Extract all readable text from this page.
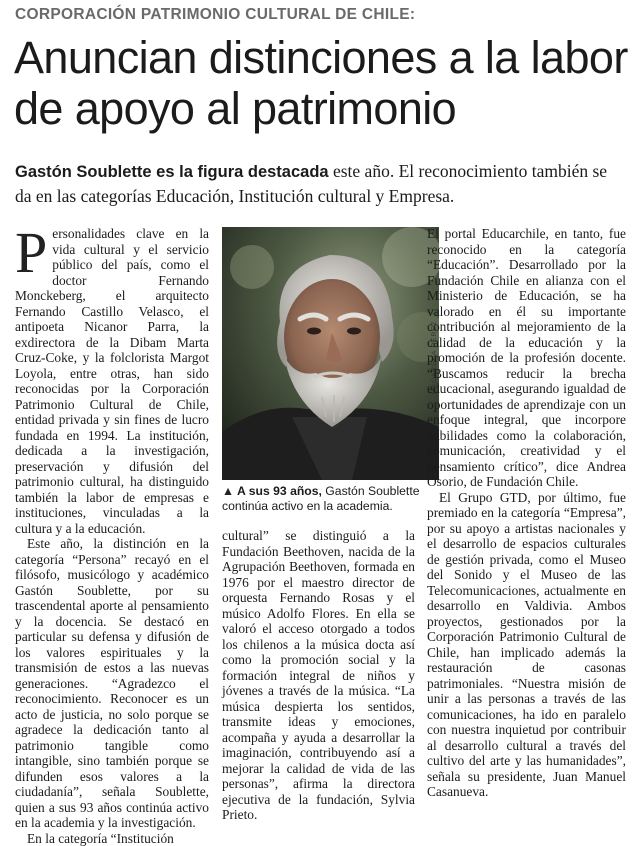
CORPORACIÓN PATRIMONIO CULTURAL DE CHILE:
Anuncian distinciones a la labor de apoyo al patrimonio
Gastón Soublette es la figura destacada este año. El reconocimiento también se da en las categorías Educación, Institución cultural y Empresa.

Personalidades clave en la vida cultural y el servicio público del país, como el doctor Fernando Monckeberg, el arquitecto Fernando Castillo Velasco, el antipoeta Nicanor Parra, la exdirectora de la Dibam Marta Cruz-Coke, y la folclorista Margot Loyola, entre otras, han sido reconocidas por la Corporación Patrimonio Cultural de Chile, entidad privada y sin fines de lucro fundada en 1994. La institución, dedicada a la investigación, preservación y difusión del patrimonio cultural, ha distinguido también la labor de empresas e instituciones, vinculadas a la cultura y a la educación.

Este año, la distinción en la categoría “Persona” recayó en el filósofo, musicólogo y académico Gastón Soublette, por su trascendental aporte al pensamiento y la docencia. Se destacó en particular su defensa y difusión de los valores espirituales y la transmisión de estos a las nuevas generaciones. “Agradezco el reconocimiento. Reconocer es un acto de justicia, no solo porque se agradece la dedicación tanto al patrimonio tangible como intangible, sino también porque se difunden esos valores a la ciudadanía”, señala Soublette, quien a sus 93 años continúa activo en la academia y la investigación.

En la categoría “Institución

MACARENA PÉREZ
▲ A sus 93 años, Gastón Soublette continúa activo en la academia.

cultural” se distinguió a la Fundación Beethoven, nacida de la Agrupación Beethoven, formada en 1976 por el maestro director de orquesta Fernando Rosas y el músico Adolfo Flores. En ella se valoró el acceso otorgado a todos los chilenos a la música docta así como la promoción social y la formación integral de niños y jóvenes a través de la música. “La música despierta los sentidos, transmite ideas y emociones, acompaña y ayuda a desarrollar la imaginación, contribuyendo así a mejorar la calidad de vida de las personas”, afirma la directora ejecutiva de la fundación, Sylvia Prieto.

El portal Educarchile, en tanto, fue reconocido en la categoría “Educación”. Desarrollado por la Fundación Chile en alianza con el Ministerio de Educación, se ha valorado en él su importante contribución al mejoramiento de la calidad de la educación y la promoción de la profesión docente. “Buscamos reducir la brecha educacional, asegurando igualdad de oportunidades de aprendizaje con un enfoque integral, que incorpore habilidades como la colaboración, comunicación, creatividad y el pensamiento crítico”, dice Andrea Osorio, de Fundación Chile.

El Grupo GTD, por último, fue premiado en la categoría “Empresa”, por su apoyo a artistas nacionales y el desarrollo de espacios culturales de gestión privada, como el Museo del Sonido y el Museo de las Telecomunicaciones, actualmente en desarrollo en Valdivia. Ambos proyectos, gestionados por la Corporación Patrimonio Cultural de Chile, han implicado además la restauración de casonas patrimoniales. “Nuestra misión de unir a las personas a través de las comunicaciones, ha ido en paralelo con nuestra inquietud por contribuir al desarrollo cultural a través del cultivo del arte y las humanidades”, señala su presidente, Juan Manuel Casanueva.
